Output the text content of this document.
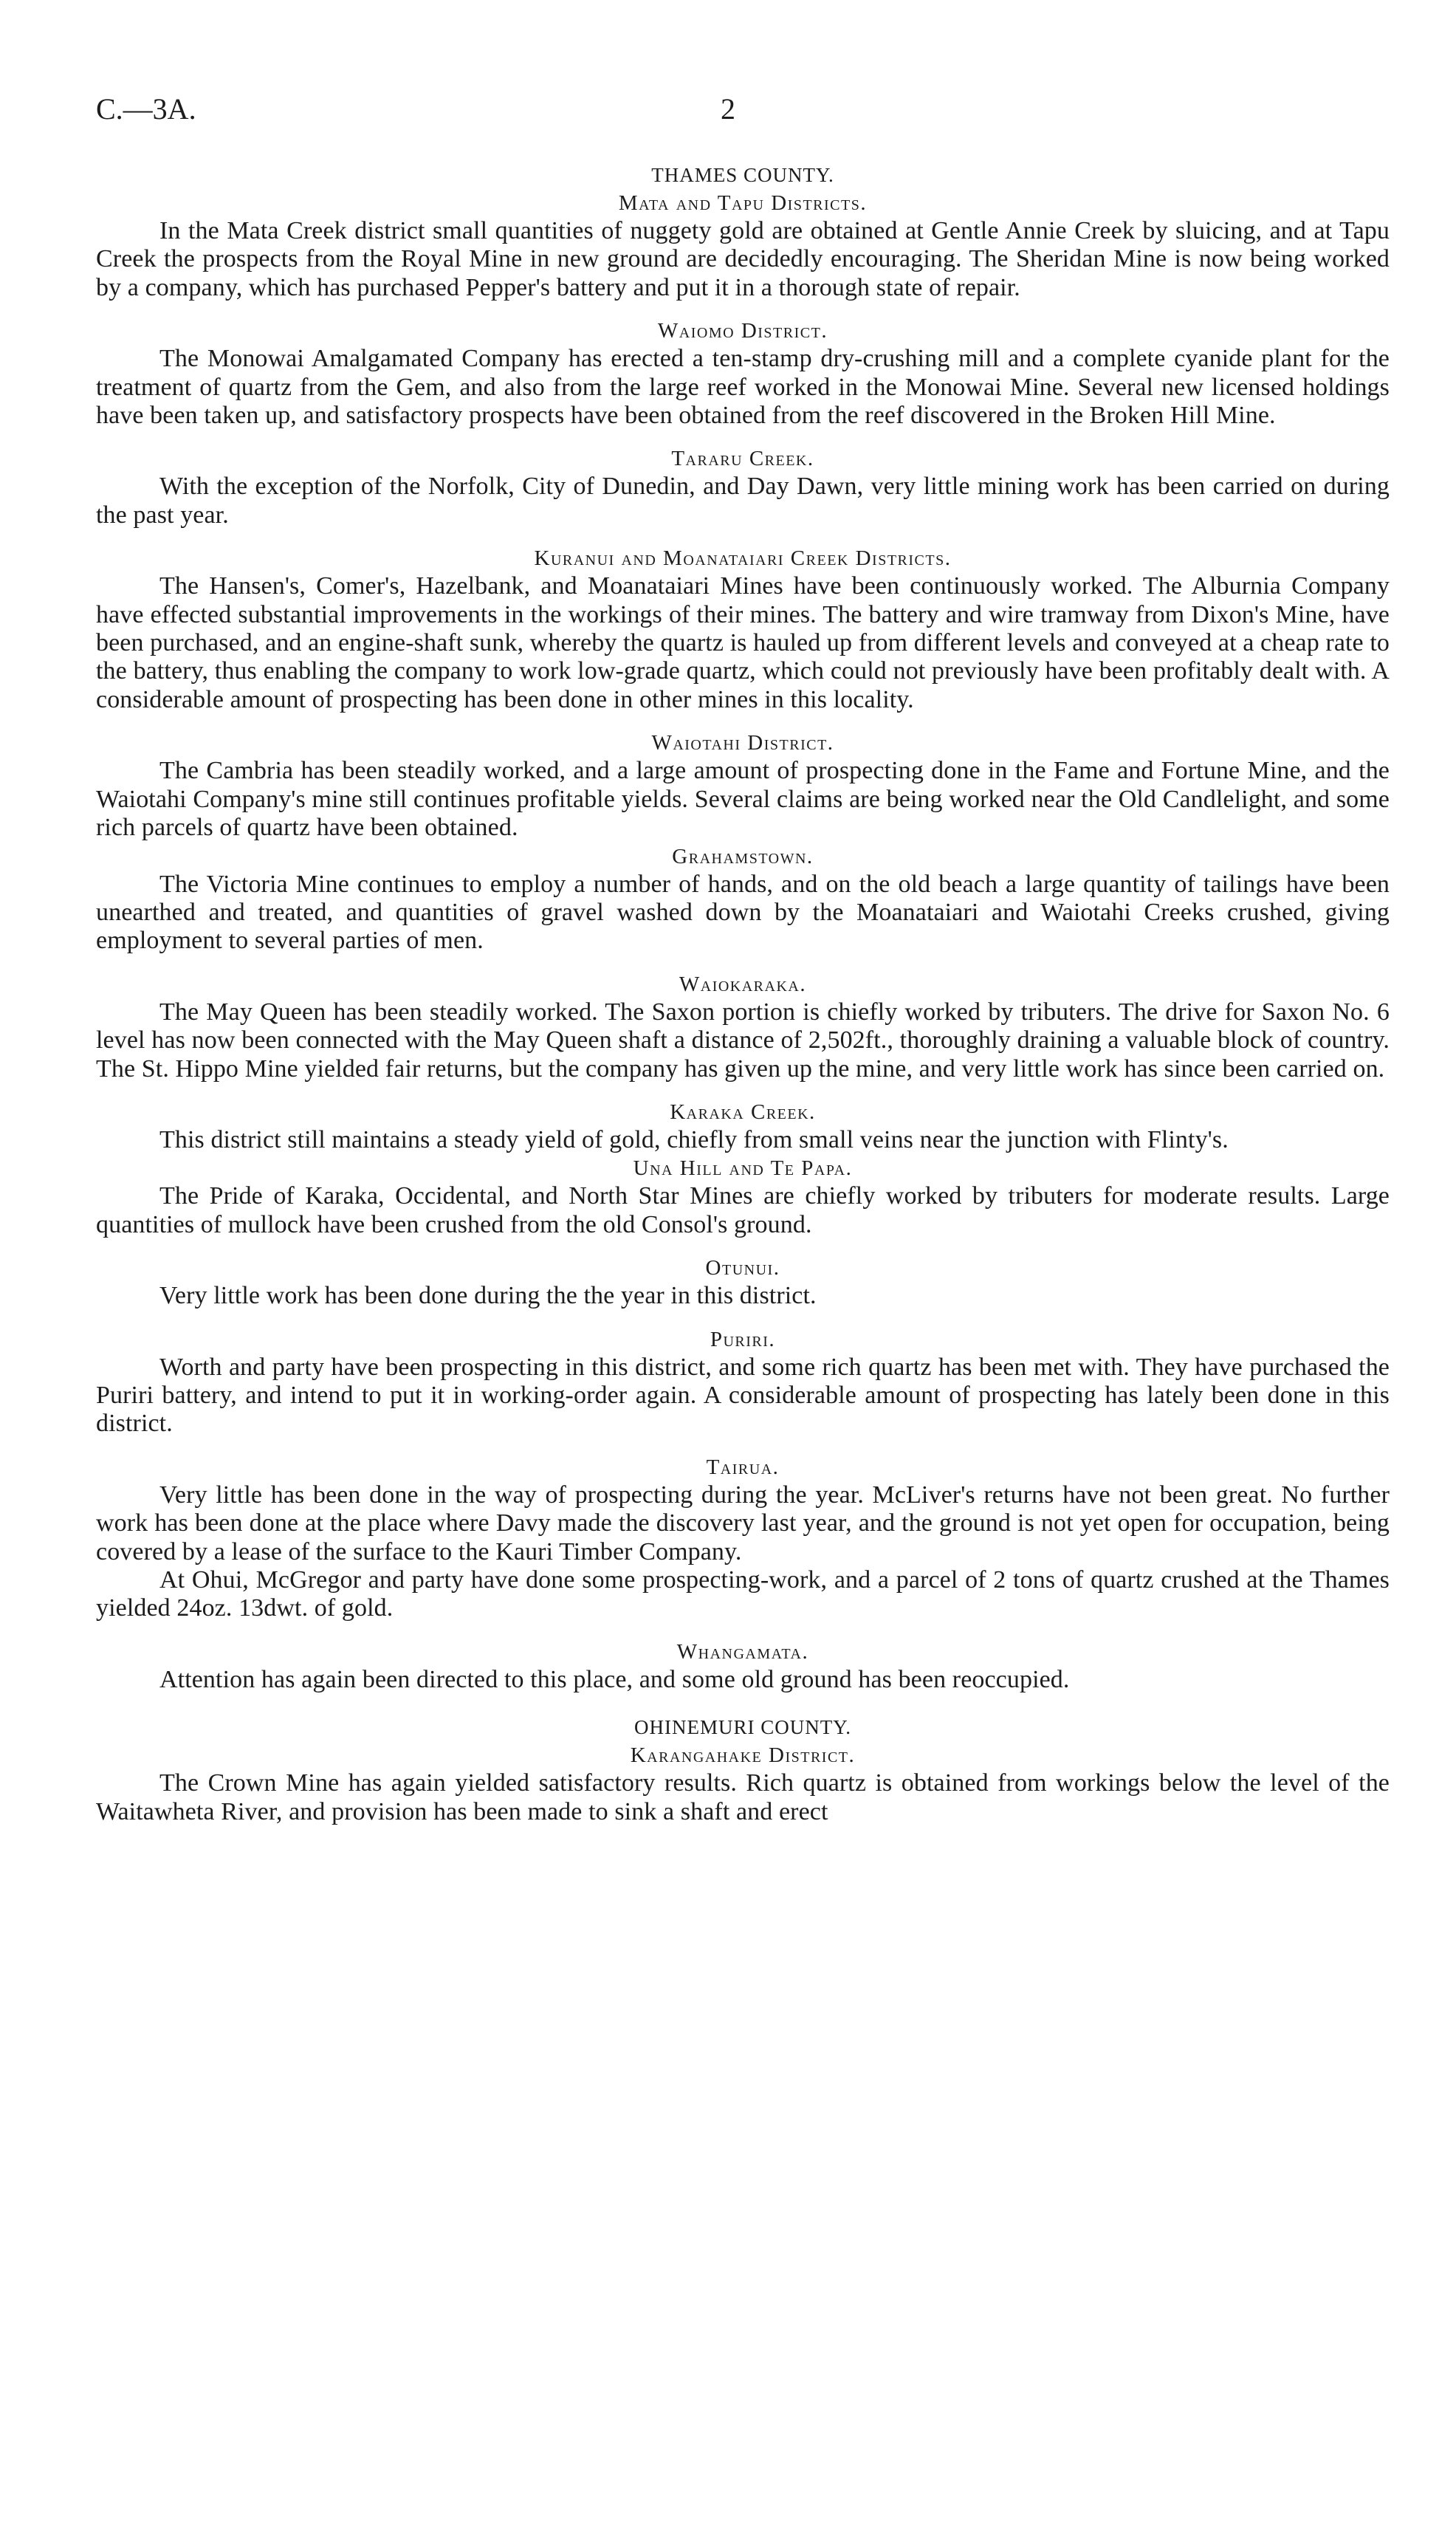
C.—3A.	2

THAMES COUNTY.

Mata and Tapu Districts.

In the Mata Creek district small quantities of nuggety gold are obtained at Gentle Annie Creek by sluicing, and at Tapu Creek the prospects from the Royal Mine in new ground are decidedly encouraging. The Sheridan Mine is now being worked by a company, which has purchased Pepper's battery and put it in a thorough state of repair.

Waiomo District.

The Monowai Amalgamated Company has erected a ten-stamp dry-crushing mill and a complete cyanide plant for the treatment of quartz from the Gem, and also from the large reef worked in the Monowai Mine. Several new licensed holdings have been taken up, and satisfactory prospects have been obtained from the reef discovered in the Broken Hill Mine.

Tararu Creek.

With the exception of the Norfolk, City of Dunedin, and Day Dawn, very little mining work has been carried on during the past year.

Kuranui and Moanataiari Creek Districts.

The Hansen's, Comer's, Hazelbank, and Moanataiari Mines have been continuously worked. The Alburnia Company have effected substantial improvements in the workings of their mines. The battery and wire tramway from Dixon's Mine, have been purchased, and an engine-shaft sunk, whereby the quartz is hauled up from different levels and conveyed at a cheap rate to the battery, thus enabling the company to work low-grade quartz, which could not previously have been profitably dealt with. A considerable amount of prospecting has been done in other mines in this locality.

Waiotahi District.

The Cambria has been steadily worked, and a large amount of prospecting done in the Fame and Fortune Mine, and the Waiotahi Company's mine still continues profitable yields. Several claims are being worked near the Old Candlelight, and some rich parcels of quartz have been obtained.

Grahamstown.

The Victoria Mine continues to employ a number of hands, and on the old beach a large quantity of tailings have been unearthed and treated, and quantities of gravel washed down by the Moanataiari and Waiotahi Creeks crushed, giving employment to several parties of men.

Waiokaraka.

The May Queen has been steadily worked. The Saxon portion is chiefly worked by tributers. The drive for Saxon No. 6 level has now been connected with the May Queen shaft a distance of 2,502ft., thoroughly draining a valuable block of country. The St. Hippo Mine yielded fair returns, but the company has given up the mine, and very little work has since been carried on.

Karaka Creek.

This district still maintains a steady yield of gold, chiefly from small veins near the junction with Flinty's.

Una Hill and Te Papa.

The Pride of Karaka, Occidental, and North Star Mines are chiefly worked by tributers for moderate results. Large quantities of mullock have been crushed from the old Consol's ground.

Otunui.

Very little work has been done during the the year in this district.

Puriri.

Worth and party have been prospecting in this district, and some rich quartz has been met with. They have purchased the Puriri battery, and intend to put it in working-order again. A considerable amount of prospecting has lately been done in this district.

Tairua.

Very little has been done in the way of prospecting during the year. McLiver's returns have not been great. No further work has been done at the place where Davy made the discovery last year, and the ground is not yet open for occupation, being covered by a lease of the surface to the Kauri Timber Company.

At Ohui, McGregor and party have done some prospecting-work, and a parcel of 2 tons of quartz crushed at the Thames yielded 24oz. 13dwt. of gold.

Whangamata.

Attention has again been directed to this place, and some old ground has been reoccupied.

OHINEMURI COUNTY.

Karangahake District.

The Crown Mine has again yielded satisfactory results. Rich quartz is obtained from workings below the level of the Waitawheta River, and provision has been made to sink a shaft and erect
